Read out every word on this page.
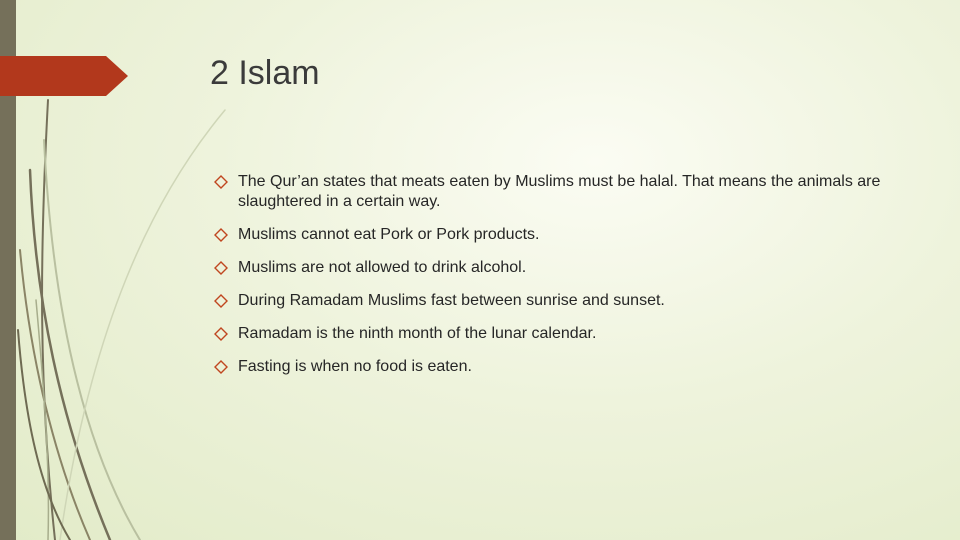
2 Islam
The Qur’an states that meats eaten by Muslims must be halal. That means the animals are slaughtered in a certain way.
Muslims cannot eat Pork or Pork products.
Muslims are not allowed to drink alcohol.
During Ramadam Muslims fast between sunrise and sunset.
Ramadam is the ninth month of the lunar calendar.
Fasting is when no food is eaten.
